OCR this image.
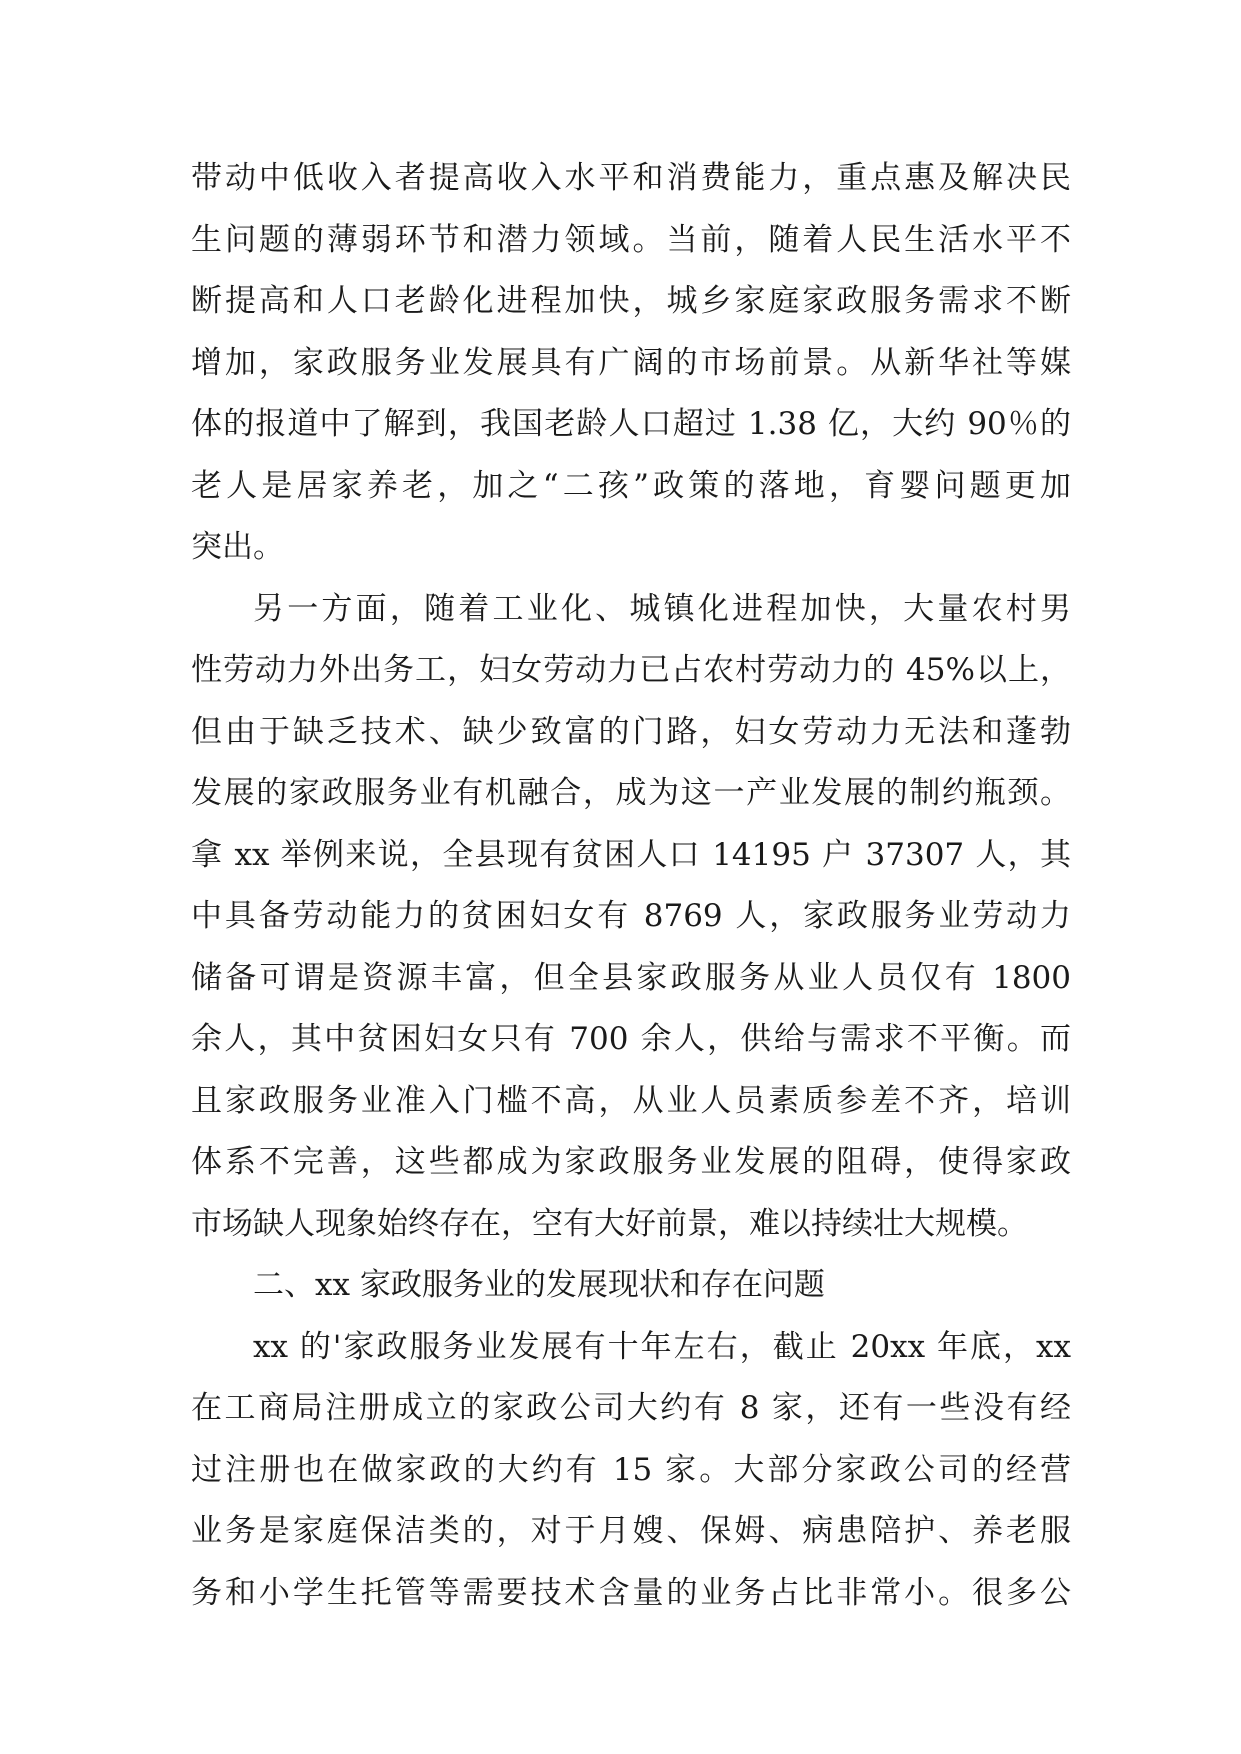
带动中低收入者提高收入水平和消费能力，重点惠及解决民
生问题的薄弱环节和潜力领域。当前，随着人民生活水平不
断提高和人口老龄化进程加快，城乡家庭家政服务需求不断
增加，家政服务业发展具有广阔的市场前景。从新华社等媒
体的报道中了解到，我国老龄人口超过 1.38 亿，大约 90％的
老人是居家养老，加之“二孩”政策的落地，育婴问题更加
突出。
另一方面，随着工业化、城镇化进程加快，大量农村男
性劳动力外出务工，妇女劳动力已占农村劳动力的 45%以上，
但由于缺乏技术、缺少致富的门路，妇女劳动力无法和蓬勃
发展的家政服务业有机融合，成为这一产业发展的制约瓶颈。
拿 xx 举例来说，全县现有贫困人口 14195 户 37307 人，其
中具备劳动能力的贫困妇女有 8769 人，家政服务业劳动力
储备可谓是资源丰富，但全县家政服务从业人员仅有 1800
余人，其中贫困妇女只有 700 余人，供给与需求不平衡。而
且家政服务业准入门槛不高，从业人员素质参差不齐，培训
体系不完善，这些都成为家政服务业发展的阻碍，使得家政
市场缺人现象始终存在，空有大好前景，难以持续壮大规模。
二、xx 家政服务业的发展现状和存在问题
xx 的'家政服务业发展有十年左右，截止 20xx 年底，xx
在工商局注册成立的家政公司大约有 8 家，还有一些没有经
过注册也在做家政的大约有 15 家。大部分家政公司的经营
业务是家庭保洁类的，对于月嫂、保姆、病患陪护、养老服
务和小学生托管等需要技术含量的业务占比非常小。很多公
